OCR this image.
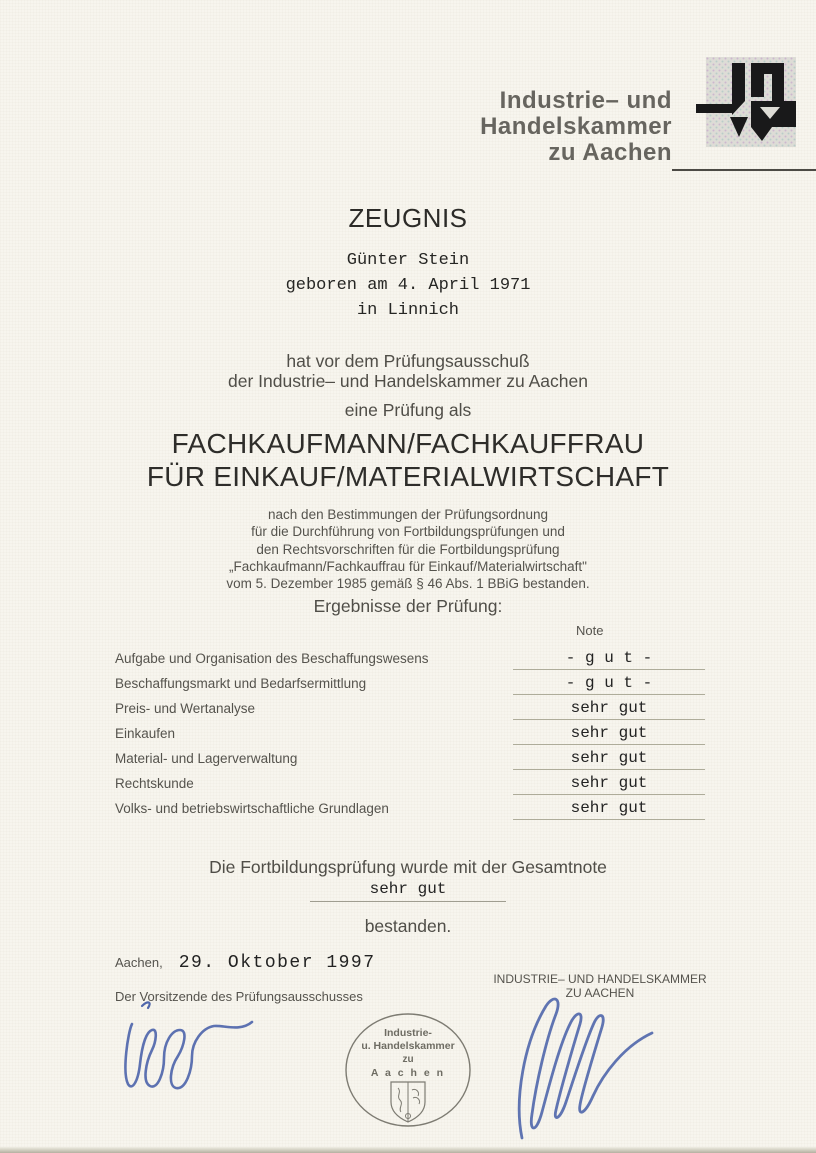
Industrie– und
Handelskammer
zu Aachen
ZEUGNIS
Günter Stein
geboren am 4. April 1971
in Linnich
hat vor dem Prüfungsausschuß
der Industrie– und Handelskammer zu Aachen
eine Prüfung als
FACHKAUFMANN/FACHKAUFFRAU
FÜR EINKAUF/MATERIALWIRTSCHAFT
nach den Bestimmungen der Prüfungsordnung
für die Durchführung von Fortbildungsprüfungen und
den Rechtsvorschriften für die Fortbildungsprüfung
„Fachkaufmann/Fachkauffrau für Einkauf/Materialwirtschaft"
vom 5. Dezember 1985 gemäß § 46 Abs. 1 BBiG bestanden.
Ergebnisse der Prüfung:
Note
Aufgabe und Organisation des Beschaffungswesens	- g u t -
Beschaffungsmarkt und Bedarfsermittlung	- g u t -
Preis- und Wertanalyse	sehr gut
Einkaufen	sehr gut
Material- und Lagerverwaltung	sehr gut
Rechtskunde	sehr gut
Volks- und betriebswirtschaftliche Grundlagen	sehr gut
Die Fortbildungsprüfung wurde mit der Gesamtnote
sehr gut
bestanden.
Aachen, 29. Oktober 1997
Der Vorsitzende des Prüfungsausschusses
INDUSTRIE– UND HANDELSKAMMER
ZU AACHEN
Industrie-
u. Handelskammer
zu
A a c h e n
